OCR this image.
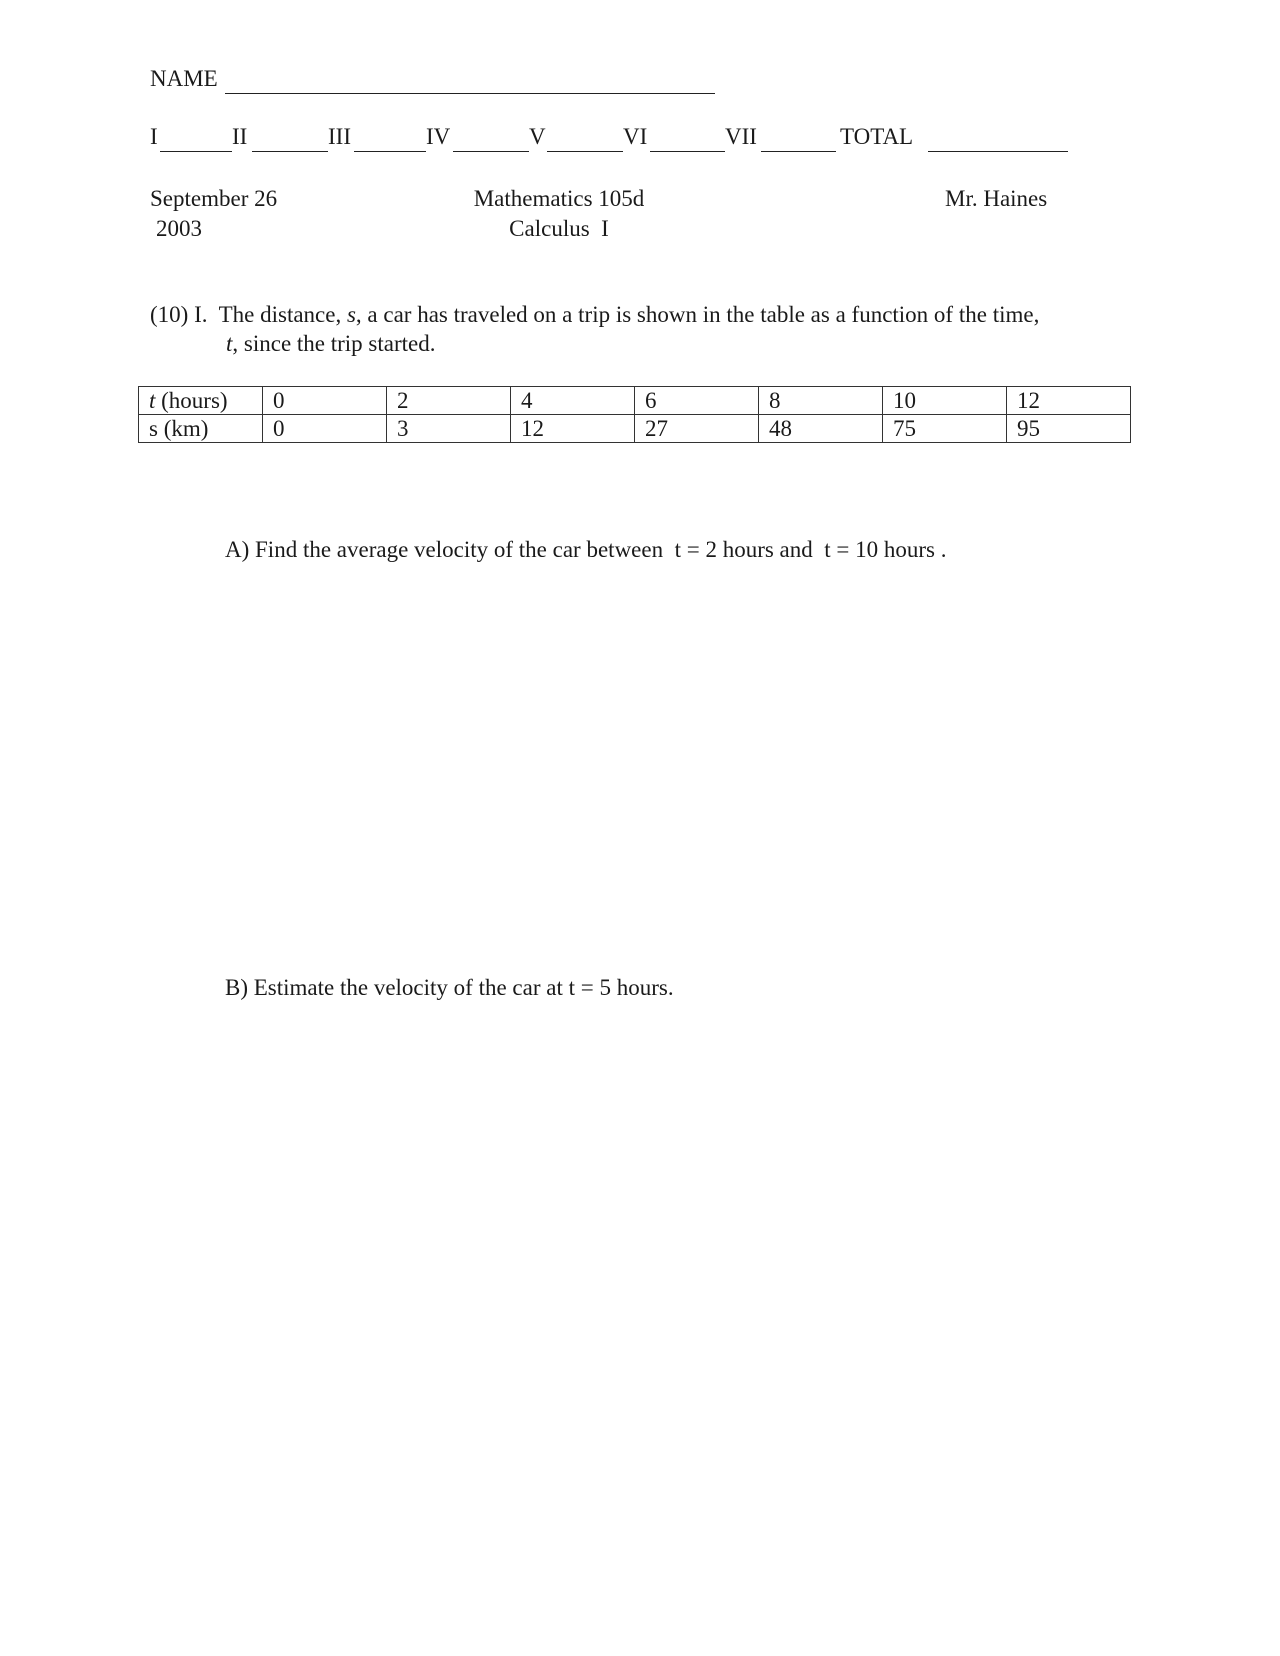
NAME
I	II	III	IV	V	VI	VII	TOTAL
September 26
2003
Mathematics 105d
Calculus  I
Mr. Haines
(10) I. The distance, s, a car has traveled on a trip is shown in the table as a function of the time,
t, since the trip started.
t (hours)	0	2	4	6	8	10	12
s (km)	0	3	12	27	48	75	95
A) Find the average velocity of the car between  t = 2 hours and  t = 10 hours .
B) Estimate the velocity of the car at t = 5 hours.
